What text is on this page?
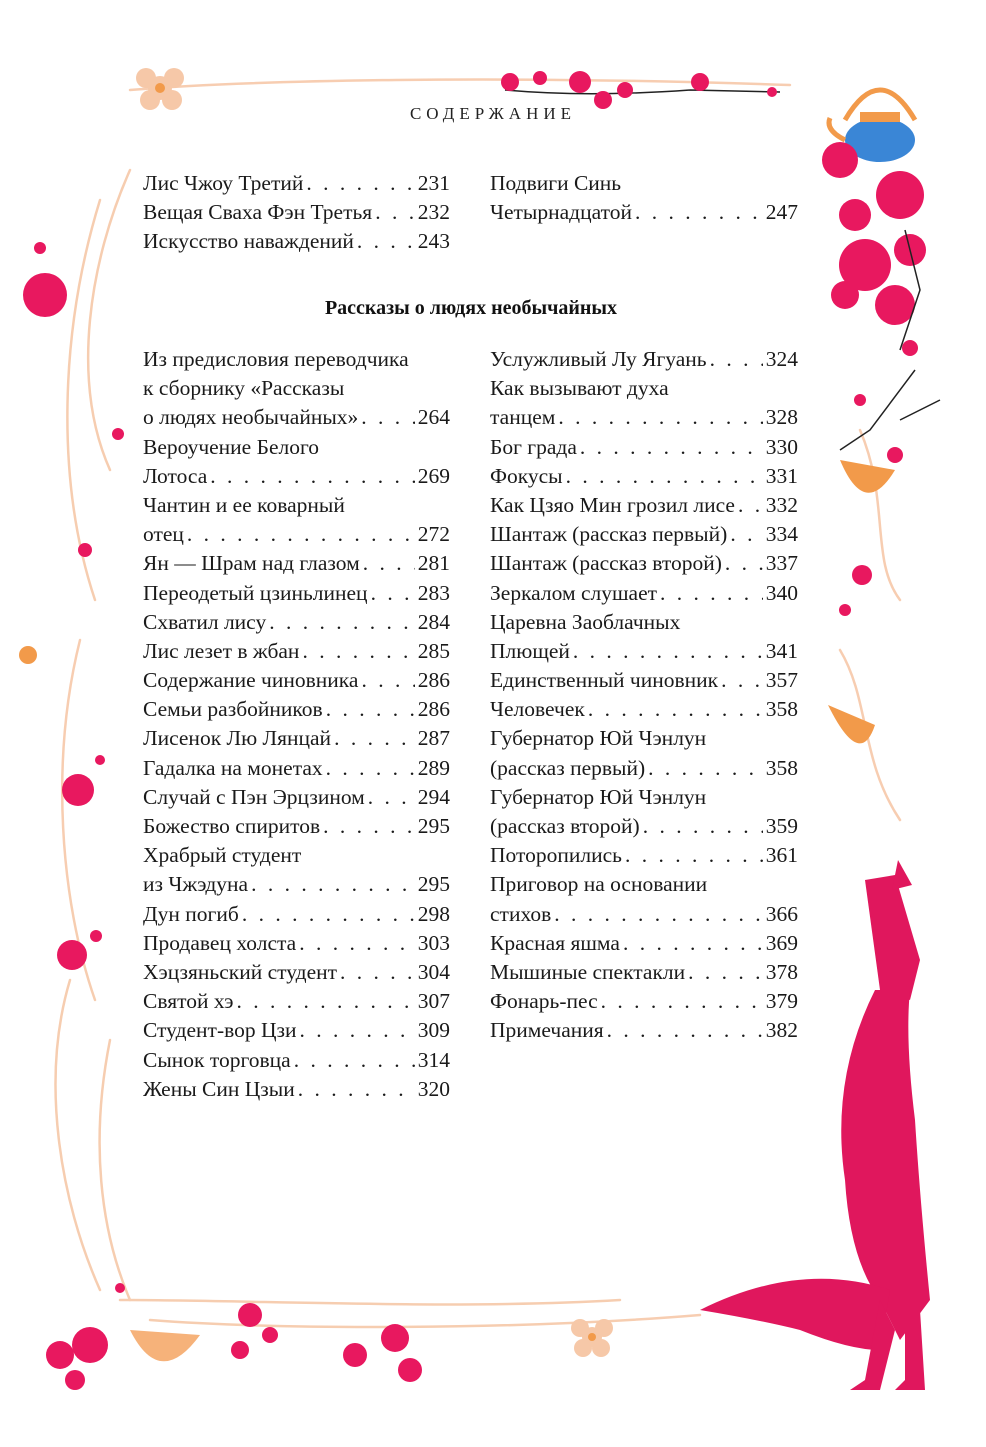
СОДЕРЖАНИЕ
Лис Чжоу Третий . . .	231
Вещая Сваха Фэн Третья . . . 232
Искусство наваждений . . .	243
Подвиги Синь
Четырнадцатой . . .	247
Рассказы о людях необычайных
Из предисловия переводчика
к сборнику «Рассказы
о людях необычайных» . . .	264
Вероучение Белого
Лотоса . . .	269
Чантин и ее коварный
отец . . .	272
Ян — Шрам над глазом . . .	281
Переодетый цзиньлинец . . . 283
Схватил лису . . .	284
Лис лезет в жбан . . .	285
Содержание чиновника . . .	286
Семьи разбойников . . .	286
Лисенок Лю Лянцай . . .	287
Гадалка на монетах . . .	289
Случай с Пэн Эрцзином . . . 294
Божество спиритов . . .	295
Храбрый студент
из Чжэдуна . . .	295
Дун погиб . . .	298
Продавец холста . . .	303
Хэцзяньский студент . . .	304
Святой хэ . . .	307
Студент-вор Цзи . . .	309
Сынок торговца . . .	314
Жены Син Цзыи . . .	320
Услужливый Лу Ягуань . . .	324
Как вызывают духа
танцем . . .	328
Бог града . . .	330
Фокусы . . .	331
Как Цзяо Мин грозил лисе . . . 332
Шантаж (рассказ первый) . . . 334
Шантаж (рассказ второй) . . . 337
Зеркалом слушает . . .	340
Царевна Заоблачных
Плющей . . .	341
Единственный чиновник . . . 357
Человечек . . .	358
Губернатор Юй Чэнлун
(рассказ первый) . . .	358
Губернатор Юй Чэнлун
(рассказ второй) . . .	359
Поторопились . . .	361
Приговор на основании
стихов . . .	366
Красная яшма . . .	369
Мышиные спектакли . . .	378
Фонарь-пес . . .	379
Примечания . . .	382
